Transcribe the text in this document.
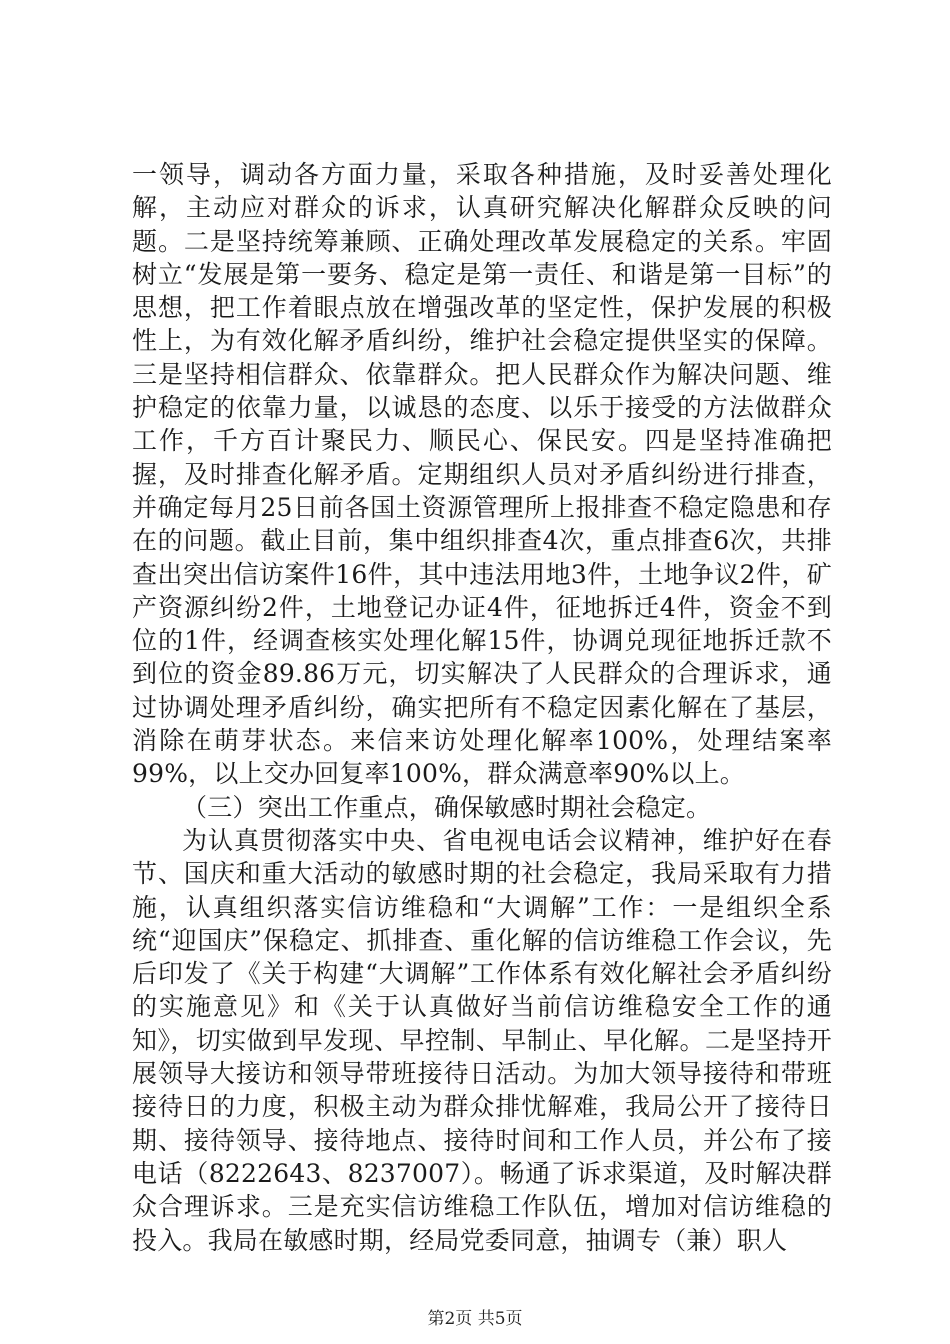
一领导，调动各方面力量，采取各种措施，及时妥善处理化解，主动应对群众的诉求，认真研究解决化解群众反映的问题。二是坚持统筹兼顾、正确处理改革发展稳定的关系。牢固树立“发展是第一要务、稳定是第一责任、和谐是第一目标”的思想，把工作着眼点放在增强改革的坚定性，保护发展的积极性上，为有效化解矛盾纠纷，维护社会稳定提供坚实的保障。三是坚持相信群众、依靠群众。把人民群众作为解决问题、维护稳定的依靠力量，以诚恳的态度、以乐于接受的方法做群众工作，千方百计聚民力、顺民心、保民安。四是坚持准确把握，及时排查化解矛盾。定期组织人员对矛盾纠纷进行排查，并确定每月25日前各国土资源管理所上报排查不稳定隐患和存在的问题。截止目前，集中组织排查4次，重点排查6次，共排查出突出信访案件16件，其中违法用地3件，土地争议2件，矿产资源纠纷2件，土地登记办证4件，征地拆迁4件，资金不到位的1件，经调查核实处理化解15件，协调兑现征地拆迁款不到位的资金89.86万元，切实解决了人民群众的合理诉求，通过协调处理矛盾纠纷，确实把所有不稳定因素化解在了基层，消除在萌芽状态。来信来访处理化解率100%，处理结案率99%，以上交办回复率100%，群众满意率90%以上。

（三）突出工作重点，确保敏感时期社会稳定。

为认真贯彻落实中央、省电视电话会议精神，维护好在春节、国庆和重大活动的敏感时期的社会稳定，我局采取有力措施，认真组织落实信访维稳和“大调解”工作：一是组织全系统“迎国庆”保稳定、抓排查、重化解的信访维稳工作会议，先后印发了《关于构建“大调解”工作体系有效化解社会矛盾纠纷的实施意见》和《关于认真做好当前信访维稳安全工作的通知》，切实做到早发现、早控制、早制止、早化解。二是坚持开展领导大接访和领导带班接待日活动。为加大领导接待和带班接待日的力度，积极主动为群众排忧解难，我局公开了接待日期、接待领导、接待地点、接待时间和工作人员，并公布了接电话（8222643、8237007）。畅通了诉求渠道，及时解决群众合理诉求。三是充实信访维稳工作队伍，增加对信访维稳的投入。我局在敏感时期，经局党委同意，抽调专（兼）职人

第2页 共5页
